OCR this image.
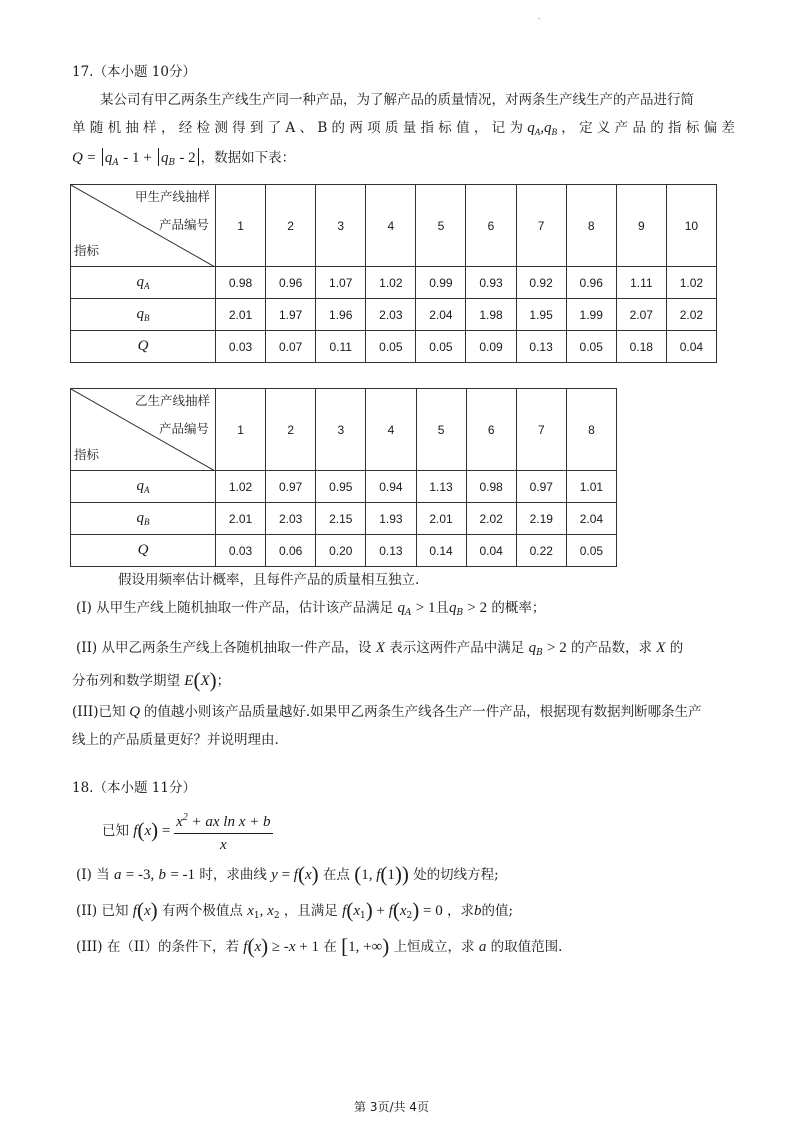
-
17.（本小题 10分）
某公司有甲乙两条生产线生产同一种产品，为了解产品的质量情况，对两条生产线生产的产品进行简
单 随 机 抽 样 ， 经 检 测 得 到 了 A 、 B 的 两 项 质 量 指 标 值 ， 记 为 $q_A,q_B$ ， 定 义 产 品 的 指 标 偏 差
$Q = q_A - 1 + q_B - 2$ ，数据如下表：
甲生产线抽样
产品编号
指标	1	2	3	4	5	6	7	8	9	10
$q_A$	0.98	0.96	1.07	1.02	0.99	0.93	0.92	0.96	1.11	1.02
$q_B$	2.01	1.97	1.96	2.03	2.04	1.98	1.95	1.99	2.07	2.02
Q	0.03	0.07	0.11	0.05	0.05	0.09	0.13	0.05	0.18	0.04
乙生产线抽样
产品编号
指标	1	2	3	4	5	6	7	8
$q_A$	1.02	0.97	0.95	0.94	1.13	0.98	0.97	1.01
$q_B$	2.01	2.03	2.15	1.93	2.01	2.02	2.19	2.04
Q	0.03	0.06	0.20	0.13	0.14	0.04	0.22	0.05
假设用频率估计概率，且每件产品的质量相互独立.
(I) 从甲生产线上随机抽取一件产品，估计该产品满足 $q_A > 1$且$q_B > 2$ 的概率；
(II) 从甲乙两条生产线上各随机抽取一件产品，设 X 表示这两件产品中满足 $q_B > 2$ 的产品数，求 X 的
分布列和数学期望 E(X)；
(III)已知 Q 的值越小则该产品质量越好.如果甲乙两条生产线各生产一件产品，根据现有数据判断哪条生产
线上的产品质量更好？并说明理由.
18.（本小题 11分）
已知 $f(x) = \frac{x^2 + ax \ln x + b}{x}$
(I) 当 a = -3, b = -1 时，求曲线 y = f(x) 在点 (1, f(1)) 处的切线方程;
(II) 已知 f(x) 有两个极值点 $x_1$, $x_2$ ，且满足 $f(x_1) + f(x_2) = 0$ ，求b的值;
(III) 在（II）的条件下，若 f(x) ≥ -x + 1 在 [1, +∞) 上恒成立，求 a 的取值范围.
第 3页/共 4页
